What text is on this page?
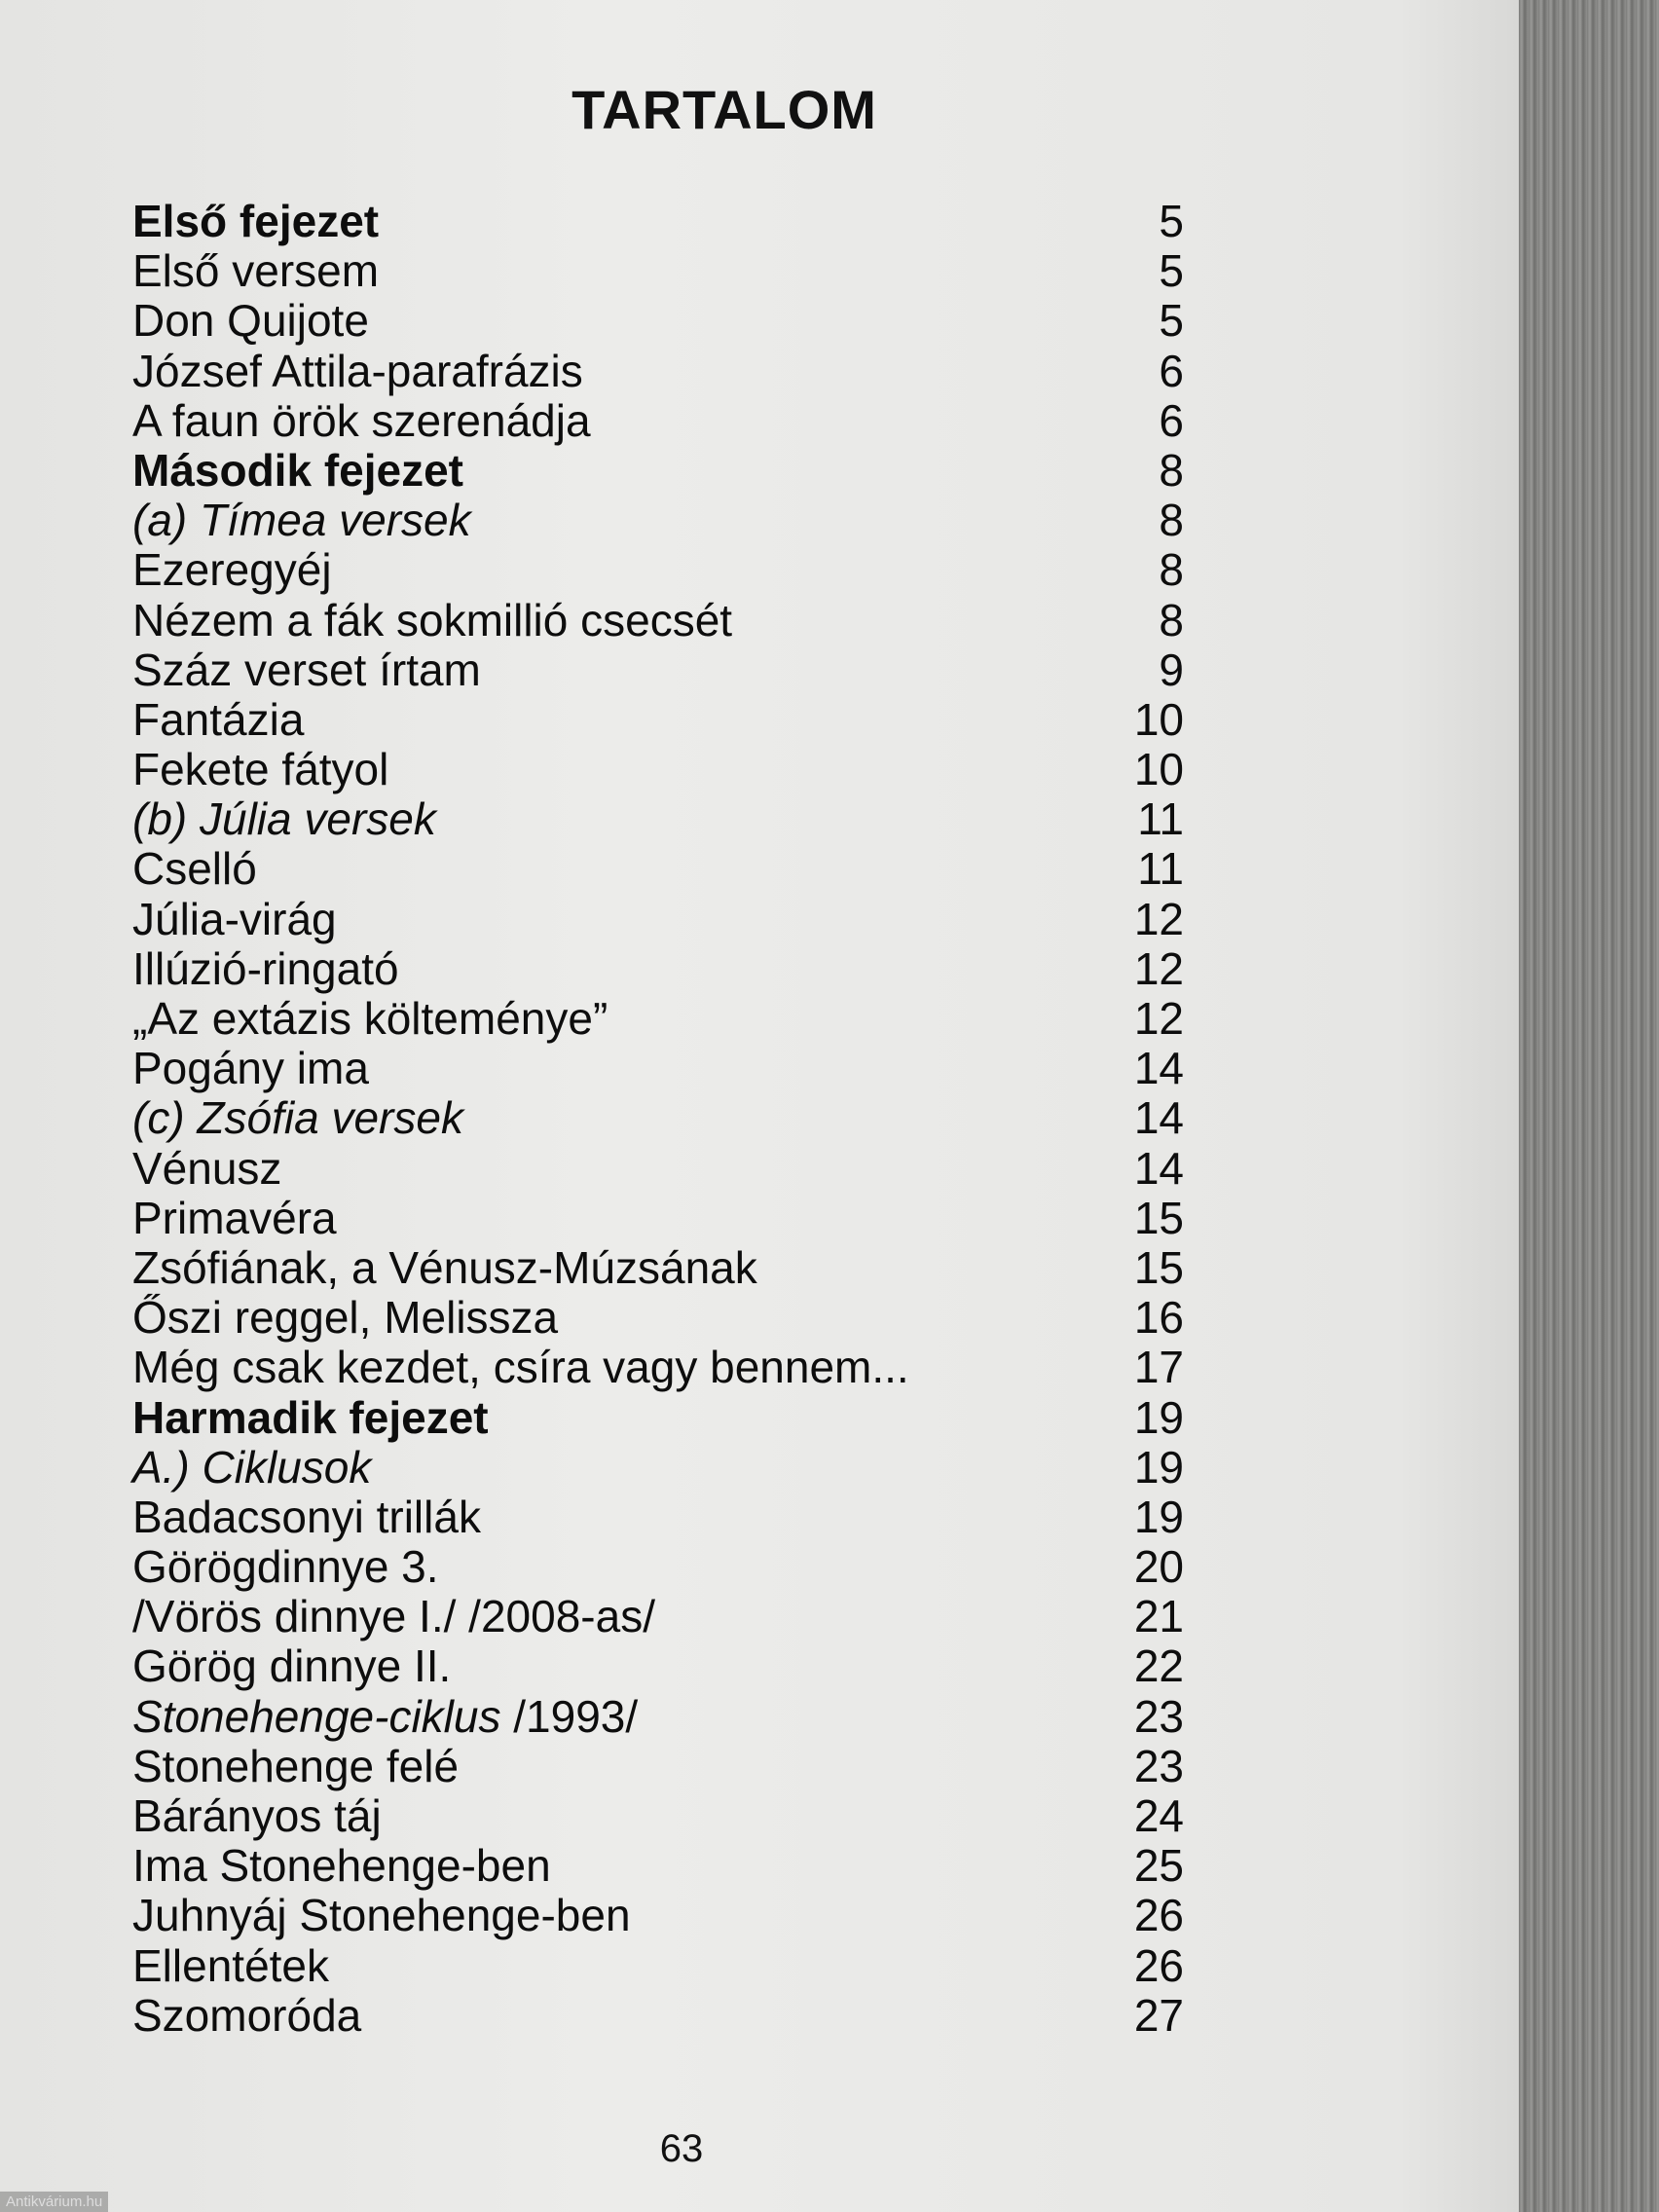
TARTALOM
Első fejezet	5
Első versem	5
Don Quijote	5
József Attila-parafrázis	6
A faun örök szerenádja	6
Második fejezet	8
(a) Tímea versek	8
Ezeregyéj	8
Nézem a fák sokmillió csecsét	8
Száz verset írtam	9
Fantázia	10
Fekete fátyol	10
(b) Júlia versek	11
Cselló	11
Júlia-virág	12
Illúzió-ringató	12
„Az extázis költeménye”	12
Pogány ima	14
(c) Zsófia versek	14
Vénusz	14
Primavéra	15
Zsófiának, a Vénusz-Múzsának	15
Őszi reggel, Melissza	16
Még csak kezdet, csíra vagy bennem...	17
Harmadik fejezet	19
A.) Ciklusok	19
Badacsonyi trillák	19
Görögdinnye 3.	20
/Vörös dinnye I./ /2008-as/	21
Görög dinnye II.	22
Stonehenge-ciklus /1993/	23
Stonehenge felé	23
Bárányos táj	24
Ima Stonehenge-ben	25
Juhnyáj Stonehenge-ben	26
Ellentétek	26
Szomoróda	27
63
Antikvárium.hu
